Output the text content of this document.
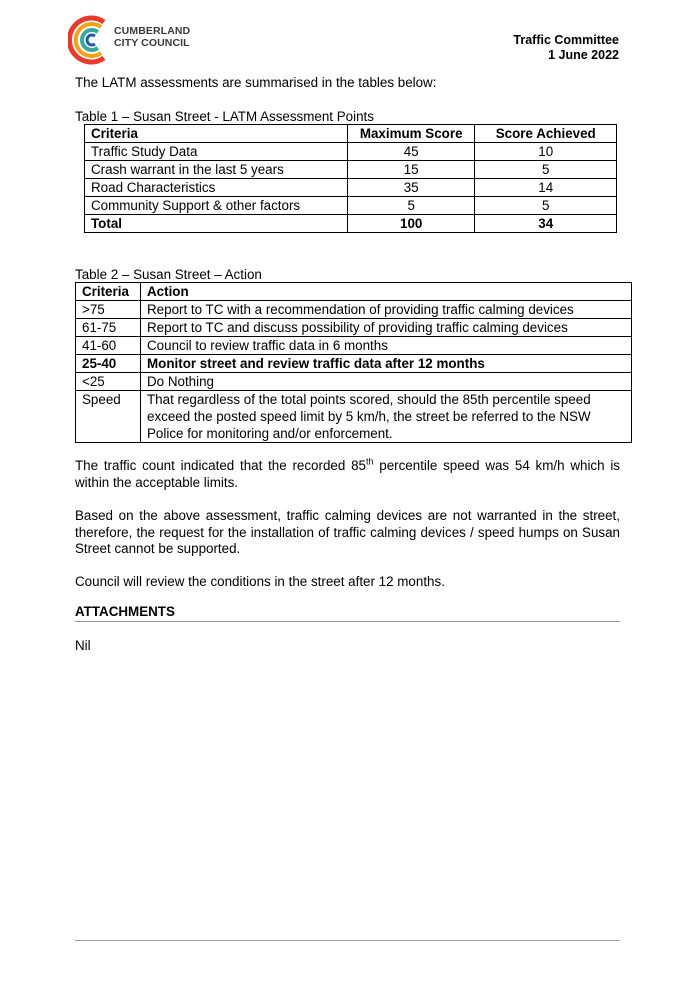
CUMBERLAND
CITY COUNCIL	Traffic Committee
1 June 2022
The LATM assessments are summarised in the tables below:
Table 1 – Susan Street - LATM Assessment Points
Criteria	Maximum Score	Score Achieved
Traffic Study Data	45	10
Crash warrant in the last 5 years	15	5
Road Characteristics	35	14
Community Support & other factors	5	5
Total	100	34
Table 2 – Susan Street – Action
Criteria	Action
>75	Report to TC with a recommendation of providing traffic calming devices
61-75	Report to TC and discuss possibility of providing traffic calming devices
41-60	Council to review traffic data in 6 months
25-40	Monitor street and review traffic data after 12 months
<25	Do Nothing
Speed	That regardless of the total points scored, should the 85th percentile speed exceed the posted speed limit by 5 km/h, the street be referred to the NSW Police for monitoring and/or enforcement.
The traffic count indicated that the recorded 85th percentile speed was 54 km/h which is within the acceptable limits.
Based on the above assessment, traffic calming devices are not warranted in the street, therefore, the request for the installation of traffic calming devices / speed humps on Susan Street cannot be supported.
Council will review the conditions in the street after 12 months.
ATTACHMENTS
Nil
